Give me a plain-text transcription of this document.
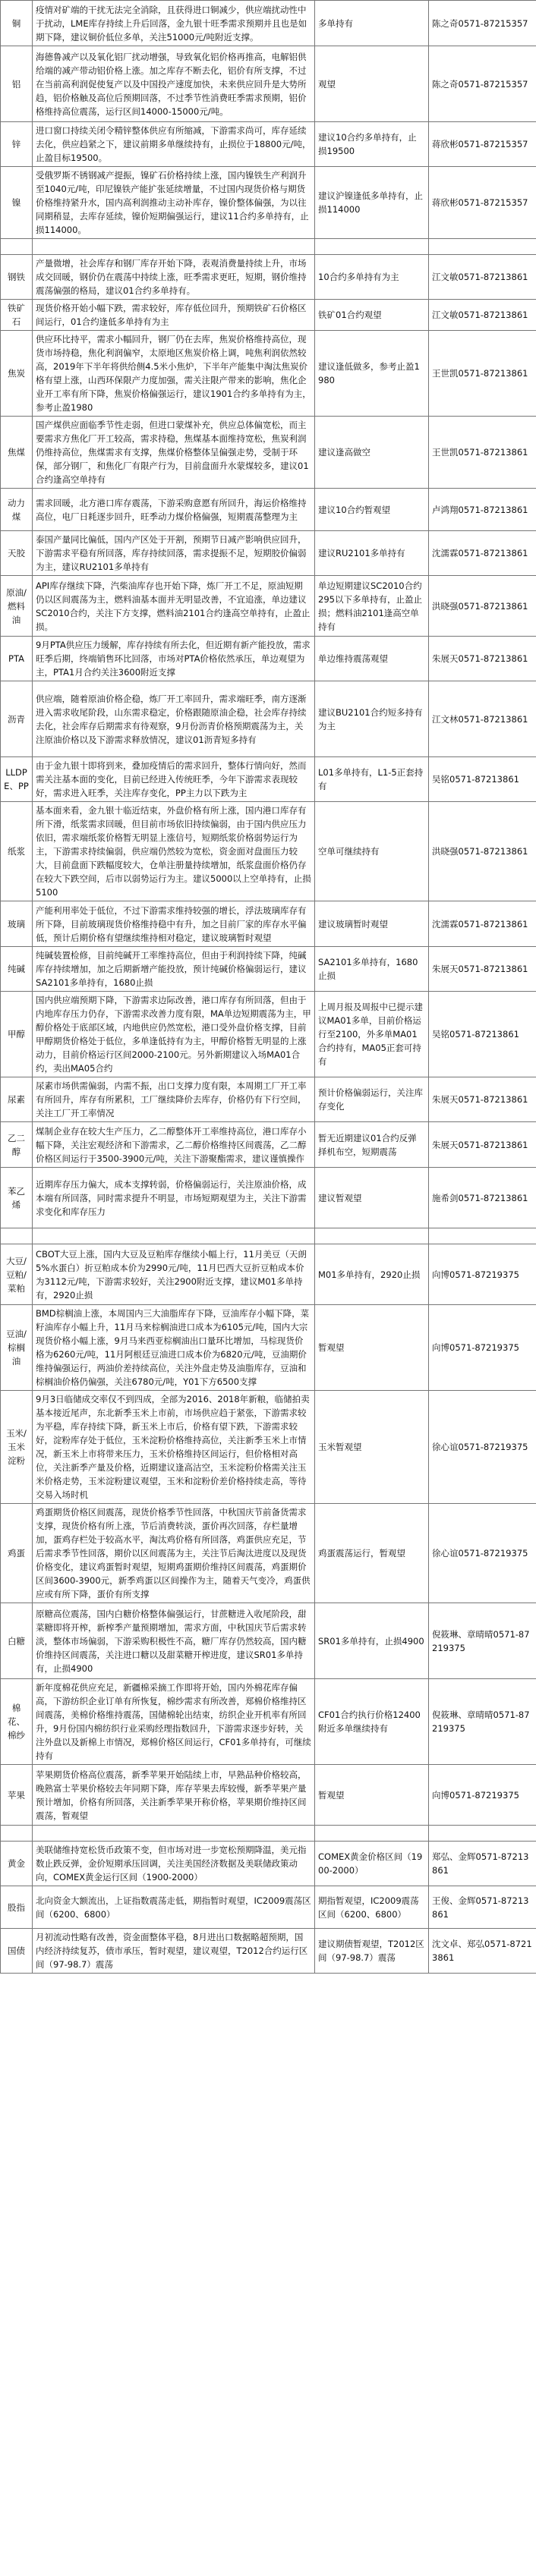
铜	疫情对矿端的干扰无法完全消除，且获得进口铜减少，供应端扰动性中于扰动，LME库存持续上升后回落，金九银十旺季需求预期并且也是如期下降，建议铜价低位多单，关注51000元/吨附近支撑。	多单持有	陈之奇0571-87215357
铝	海德鲁减产以及氧化铝厂扰动增强，导致氧化铝价格再推高，电解铝供给端的减产带动铝价格上涨。加之库存不断去化，铝价有所支撑，不过在当前高利润促使复产以及中国投产速度加快，未来供应回升是大势所趋，铝价格触及高位后预期回落，不过季节性消费旺季需求预期，铝价格维持高位震荡，运行区间14000-15000元/吨。	观望	陈之奇0571-87215357
锌	进口窗口持续关闭令精锌整体供应有所缩减，下游需求尚可，库存延续去化，供应趋紧之下，建议前期多单继续持有，止损位于18800元/吨，止盈目标19500。	建议10合约多单持有，止损19500	蒋欣彬0571-87215357
镍	受俄罗斯不锈钢减产提振，镍矿石价格持续上涨，国内镍铁生产利润升至1040元/吨，印尼镍铁产能扩张延续增量，不过国内现货价格与期货价格维持紧升水，国内高利润推动主动补库存，镍价整体偏强，为以往同期稍显，去库存延续，镍价短期偏强运行，建议11合约多单持有，止损114000。	建议沪镍逢低多单持有，止损114000	蒋欣彬0571-87215357

钢铁	产量微增，社会库存和钢厂库存开始下降，表观消费量持续上升，市场成交回暖，钢价仍在震荡中持续上涨，旺季需求更旺，短期，钢价维持震荡偏强的格局，建议01合约多单持有。	10合约多单持有为主	江文敏0571-87213861
铁矿石	现货价格开始小幅下跌，需求较好，库存低位回升，预期铁矿石价格区间运行，01合约逢低多单持有为主	铁矿01合约观望	江文敏0571-87213861
焦炭	供应环比持平，需求小幅回升，钢厂仍在去库，焦炭价格维持高位，现货市场持稳，焦化利润偏窄，太原地区焦炭价格上调，吨焦利润依然较高，2019年下半年将供给侧4.5米小焦炉，下半年产能集中淘汰焦炭价格有望上涨，山西环保限产力度加强，需关注限产带来的影响，焦化企业开工率有所下降，焦炭价格偏强运行，建议1901合约多单持有为主，参考止盈1980	建议逢低做多，参考止盈1980	王世凯0571-87213861
焦煤	国产煤供应面临季节性走弱，但进口蒙煤补充，供应总体偏宽松，而主要需求方焦化厂开工较高，需求持稳，焦煤基本面维持宽松，焦炭利润仍维持高位，焦煤需求有支撑，焦煤价格整体呈偏强走势，受制于环保，部分钢厂，和焦化厂有限产行为，目前盘面升水蒙煤较多，建议01合约逢高空单持有	建议逢高做空	王世凯0571-87213861
动力煤	需求回暖，北方港口库存震荡，下游采购意愿有所回升，海运价格维持高位，电厂日耗逐步回升，旺季动力煤价格偏强，短期震荡整理为主	建议10合约暂观望	卢鸿翔0571-87213861
天胶	泰国产量同比偏低，国内产区处于开割，预期节日减产影响供应回升，下游需求平稳有所回落，库存持续回落，需求提振不足，短期胶价偏弱为主，建议RU2101多单持有	建议RU2101多单持有	沈濡霖0571-87213861
原油/燃料油	API库存继续下降，汽柴油库存也开始下降，炼厂开工不足，原油短期仍以区间震荡为主，燃料油基本面并无明显改善，不宜追涨，单边建议SC2010合约，关注下方支撑，燃料油2101合约逢高空单持有，止盈止损。	单边短期建议SC2010合约295以下多单持有，止盈止损；燃料油2101逢高空单持有	洪晓强0571-87213861
PTA	9月PTA供应压力缓解，库存持续有所去化，但近期有新产能投放，需求旺季后期，终端销售环比回落，市场对PTA价格依然承压，单边观望为主，PTA1月合约关注3600附近支撑	单边维持震荡观望	朱展天0571-87213861
沥青	供应端，随着原油价格企稳，炼厂开工率回升，需求端旺季，南方逐渐进入需求收尾阶段，山东需求稳定，价格跟随原油企稳，社会库存持续去化，社会库存后期需求有待观察，9月份沥青价格预期震荡为主，关注原油价格以及下游需求释放情况，建议01沥青短多持有	建议BU2101合约短多持有为主	江文林0571-87213861
LLDPE、PP	由于金九银十即将到来，叠加疫情后的需求回升，整体行情向好，然而需关注基本面的变化，目前已经进入传统旺季，今年下游需求表现较好，需求进入旺季，关注库存变化，PP主力以下跌为主	L01多单持有，L1-5正套持有	吴铭0571-87213861
纸浆	基本面来看，金九银十临近结束，外盘价格有所上涨，国内港口库存有所下滑，纸浆需求回暖，但目前市场依旧持续偏弱，由于国内供应压力依旧，需求端纸浆价格暂无明显上涨信号，短期纸浆价格弱势运行为主，下游需求持续偏弱，供应端仍然较为宽松，资金面对盘面压力较大，目前盘面下跌幅度较大，仓单注册量持续增加，纸浆盘面价格仍存在较大下跌空间，后市以弱势运行为主。建议5000以上空单持有，止损5100	空单可继续持有	洪晓强0571-87213861
玻璃	产能利用率处于低位，不过下游需求维持较强的增长，浮法玻璃库存有所下降，目前玻璃现货价格维持稳中有升，加之目前厂家的库存水平偏低，预计后期价格有望继续维持相对稳定，建议玻璃暂时观望	建议玻璃暂时观望	沈濡霖0571-87213861
纯碱	纯碱装置检修，目前纯碱开工率维持高位，但由于利润持续下降，纯碱库存持续增加，加之后期新增产能投放，预计纯碱价格偏弱运行，建议SA2101多单持有，1680止损	SA2101多单持有，1680止损	朱展天0571-87213861
甲醇	国内供应端预期下降，下游需求边际改善，港口库存有所回落，但由于内地库存压力仍存，下游需求改善力度有限，MA单边短期震荡为主，甲醇价格处于底部区域，内地供应仍然宽松，港口受外盘价格支撑，目前甲醇期货价格处于低位，多单逢低持有为主，甲醇价格暂无明显的上涨动力，目前价格运行区间2000-2100元。另外新期建议入场MA01合约，卖出MA05合约	上周月报及周报中已提示建议MA01多单，目前价格运行至2100，外多单MA01合约持有，MA05正套可持有	吴铭0571-87213861
尿素	尿素市场供需偏弱，内需不振，出口支撑力度有限，本周期工厂开工率有所回升，库存有所累积，工厂继续降价去库存，价格仍有下行空间，关注工厂开工率情况	预计价格偏弱运行，关注库存变化	朱展天0571-87213861
乙二醇	煤制企业存在较大生产压力，乙二醇整体开工率维持高位，港口库存小幅下降，关注宏观经济和下游需求，乙二醇价格维持区间震荡，乙二醇价格区间运行于3500-3900元/吨，关注下游聚酯需求，建议谨慎操作	暂无近期建议01合约反弹择机布空，短期震荡	朱展天0571-87213861
苯乙烯	近期库存压力偏大，成本支撑转弱，价格偏弱运行，关注原油价格，成本端有所回落，同时需求提升不明显，市场短期观望为主，关注下游需求变化和库存压力	建议暂观望	施希剑0571-87213861

大豆/豆粕/菜粕	CBOT大豆上涨，国内大豆及豆粕库存继续小幅上行，11月美豆（天朗5%水蛋白）折豆粕成本价为2990元/吨，11月巴西大豆折豆粕成本价为3112元/吨，下游需求较好，关注2900附近支撑，建议M01多单持有，2920止损	M01多单持有，2920止损	向博0571-87219375
豆油/棕榈油	BMD棕榈油上涨，本周国内三大油脂库存下降，豆油库存小幅下降，菜籽油库存小幅上升，11月马来棕榈油进口成本为6105元/吨，国内大宗现货价格小幅上涨，9月马来西亚棕榈油出口量环比增加，马棕现货价格为6260元/吨，11月阿根廷豆油进口成本价为6820元/吨，豆油期价维持偏强运行，两油价差持续高位，关注外盘走势及油脂库存，豆油和棕榈油价格仍偏强，关注6780元/吨，Y01下方6500支撑	暂观望	向博0571-87219375
玉米/玉米淀粉	9月3日临储成交率仅不到四成，全部为2016、2018年新粮，临储拍卖基本接近尾声，东北新季玉米上市前，市场供应趋于紧张，下游需求较为平稳，库存持续下降，新玉米上市后，价格有望下跌，下游需求较好，淀粉库存处于低位，玉米淀粉价格维持高位，关注新季玉米上市情况，新玉米上市将带来压力，玉米价格维持区间运行，但价格相对高位，关注新季产量及价格，近期建议逢高沽空，玉米淀粉价格需关注玉米价格走势，玉米淀粉建议观望，玉米和淀粉价差价格持续走高，等待交易入场时机	玉米暂观望	徐心谊0571-87219375
鸡蛋	鸡蛋期货价格区间震荡，现货价格季节性回落，中秋国庆节前备货需求支撑，现货价格有所上涨，节后消费转淡，蛋价再次回落，存栏量增加，蛋鸡存栏处于较高水平，淘汰鸡价格有所回落，鸡蛋供应充足，节后需求季节性回落，期价以区间震荡为主，关注节后淘汰进度以及现货价格变化，建议鸡蛋暂时观望，短期鸡蛋期价维持区间震荡，鸡蛋期价区间3600-3900元，新季鸡蛋以区间操作为主，随着天气变冷，鸡蛋供应或有所下降，蛋价有所支撑	鸡蛋震荡运行，暂观望	徐心谊0571-87219375
白糖	原糖高位震荡，国内白糖价格整体偏强运行，甘蔗糖进入收尾阶段，甜菜糖即将开榨，新榨季产量预期增加，需求方面，中秋国庆节后需求转淡，整体市场偏弱，下游采购积极性不高，糖厂库存仍然较高，国内糖价维持区间震荡，关注进口糖以及甜菜糖开榨进度，建议SR01多单持有，止损4900	SR01多单持有，止损4900	倪筱琳、章晴晴0571-87219375
棉花、棉纱	新年度棉花供应充足，新疆棉采摘工作即将开始，国内外棉花库存偏高，下游纺织企业订单有所恢复，棉纱需求有所改善，郑棉价格维持区间震荡，美棉价格维持震荡，国储棉轮出结束，纺织企业开机率有所回升，9月份国内棉纺织行业采购经理指数回升，下游需求逐步好转，关注外盘以及新棉上市情况，郑棉价格区间运行，CF01多单持有，可继续持有	CF01合约执行价格12400附近多单继续持有	倪筱琳、章晴晴0571-87219375
苹果	苹果期货价格高位震荡，新季苹果开始陆续上市，早熟品种价格较高，晚熟富士苹果价格较去年同期下降，库存苹果去库较慢，新季苹果产量预计增加，价格有所回落，关注新季苹果开称价格，苹果期价维持区间震荡，暂观望	暂观望	向博0571-87219375

黄金	美联储维持宽松货币政策不变，但市场对进一步宽松预期降温，美元指数止跌反弹，金价短期承压回调，关注美国经济数据及美联储政策动向，COMEX黄金运行区间（1900-2000）	COMEX黄金价格区间（1900-2000）	郑弘、金辉0571-87213861
股指	北向资金大额流出，上证指数震荡走低，期指暂时观望，IC2009震荡区间（6200、6800）	期指暂观望，IC2009震荡区间（6200、6800）	王俊、金辉0571-87213861
国债	月初流动性略有改善，资金面整体平稳，8月进出口数据略超预期，国内经济持续复苏，债市承压，暂时观望，建议观望，T2012合约运行区间（97-98.7）震荡	建议期债暂观望，T2012区间（97-98.7）震荡	沈文卓、郑弘0571-87213861
